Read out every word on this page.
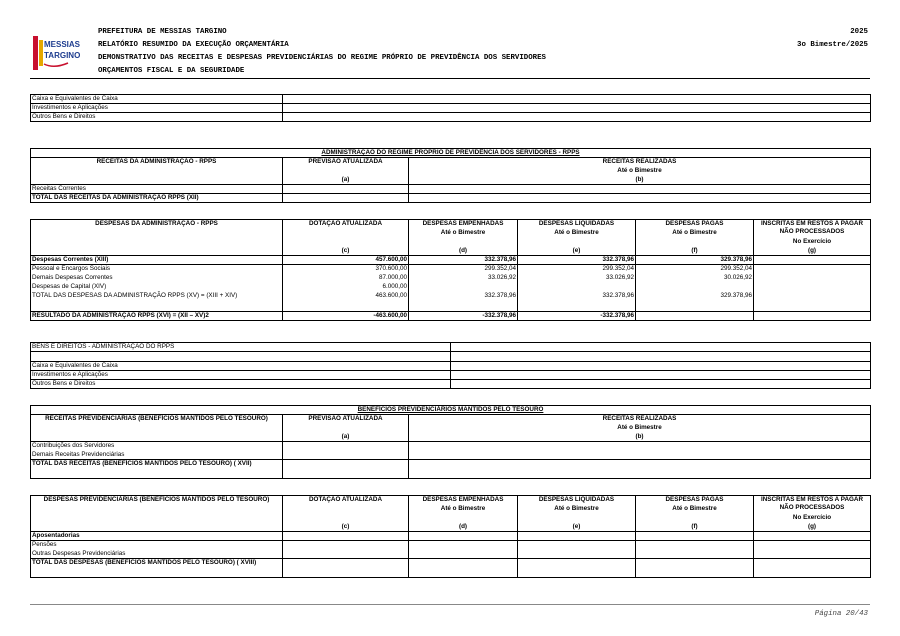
MESSIAS
TARGINO
PREFEITURA DE MESSIAS TARGINO
RELATÓRIO RESUMIDO DA EXECUÇÃO ORÇAMENTÁRIA
DEMONSTRATIVO DAS RECEITAS E DESPESAS PREVIDENCIÁRIAS DO REGIME PRÓPRIO DE PREVIDÊNCIA DOS SERVIDORES
ORÇAMENTOS FISCAL E DA SEGURIDADE
2025
3o Bimestre/2025
Caixa e Equivalentes de Caixa	
Investimentos e Aplicações	
Outros Bens e Direitos	
ADMINISTRAÇÃO DO REGIME PRÓPRIO DE PREVIDÊNCIA DOS SERVIDORES - RPPS		
RECEITAS DA ADMINISTRAÇÃO - RPPS	PREVISÃO ATUALIZADA	RECEITAS REALIZADAS
		Até o Bimestre
	(a)	(b)
Receitas Correntes		
TOTAL DAS RECEITAS DA ADMINISTRAÇÃO RPPS (XII)		
DESPESAS DA ADMINISTRAÇÃO - RPPS	DOTAÇÃO ATUALIZADA	DESPESAS EMPENHADAS	DESPESAS LIQUIDADAS	DESPESAS PAGAS	INSCRITAS EM RESTOS A PAGAR NÃO PROCESSADOS
		Até o Bimestre	Até o Bimestre	Até o Bimestre	
					No Exercício
	(c)	(d)	(e)	(f)	(g)
Despesas Correntes (XIII)	457.600,00	332.378,96	332.378,96	329.378,96	
Pessoal e Encargos Sociais	370.600,00	299.352,04	299.352,04	299.352,04	
Demais Despesas Correntes	87.000,00	33.026,92	33.026,92	30.026,92	
Despesas de Capital (XIV)	6.000,00				
TOTAL DAS DESPESAS DA ADMINISTRAÇÃO RPPS (XV) = (XIII + XIV)	463.600,00	332.378,96	332.378,96	329.378,96	
RESULTADO DA ADMINISTRAÇÃO RPPS (XVI) = (XII – XV)2	-463.600,00	-332.378,96	-332.378,96		
BENS E DIREITOS - ADMINISTRAÇÃO DO RPPS	

Caixa e Equivalentes de Caixa	
Investimentos e Aplicações	
Outros Bens e Direitos	
BENEFÍCIOS PREVIDENCIÁRIOS MANTIDOS PELO TESOURO		
RECEITAS PREVIDENCIÁRIAS (BENEFÍCIOS MANTIDOS PELO TESOURO)	PREVISÃO ATUALIZADA	RECEITAS REALIZADAS
		Até o Bimestre
	(a)	(b)
Contribuições dos Servidores		
Demais Receitas Previdenciárias		
TOTAL DAS RECEITAS (BENEFÍCIOS MANTIDOS PELO TESOURO) ( XVII)		
DESPESAS PREVIDENCIÁRIAS (BENEFÍCIOS MANTIDOS PELO TESOURO)	DOTAÇÃO ATUALIZADA	DESPESAS EMPENHADAS	DESPESAS LIQUIDADAS	DESPESAS PAGAS	INSCRITAS EM RESTOS A PAGAR NÃO PROCESSADOS
		Até o Bimestre	Até o Bimestre	Até o Bimestre	
					No Exercício
	(c)	(d)	(e)	(f)	(g)
Aposentadorias					
Pensões					
Outras Despesas Previdenciárias					
TOTAL DAS DESPESAS (BENEFÍCIOS MANTIDOS PELO TESOURO) ( XVIII)					
Página 20/43
